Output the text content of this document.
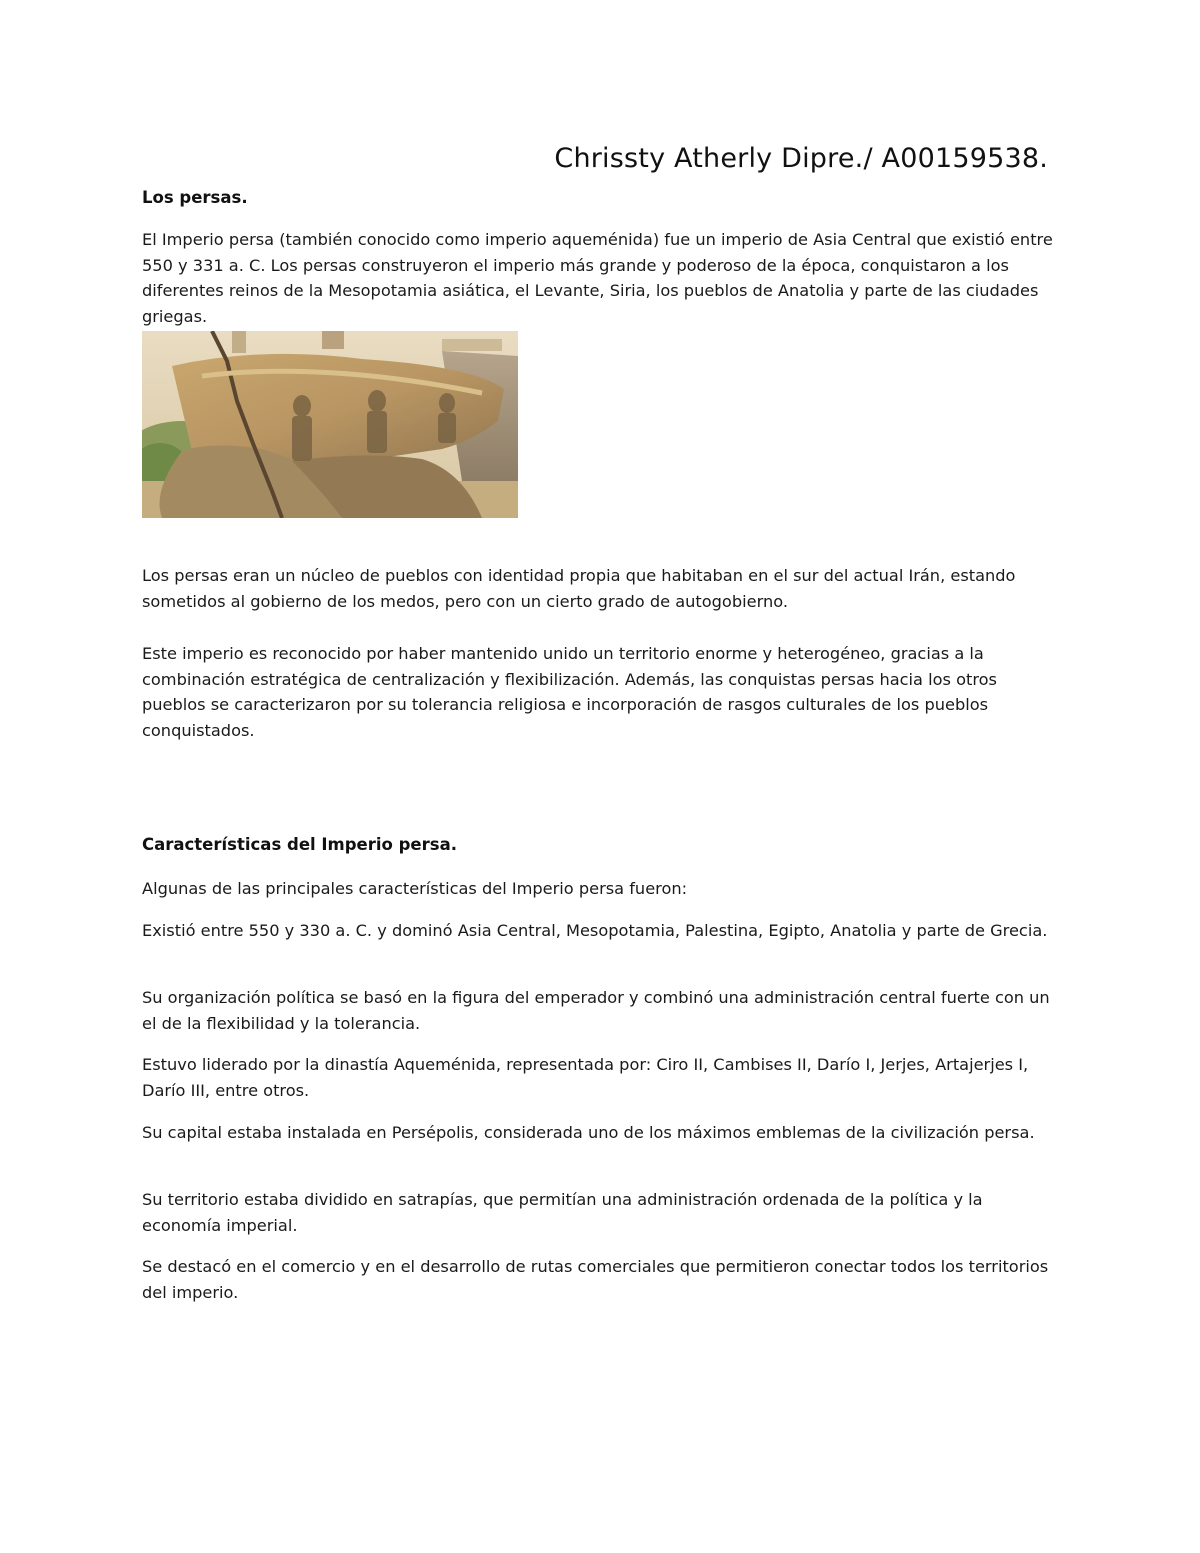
Chrissty Atherly Dipre./ A00159538.
Los persas.

El Imperio persa (también conocido como imperio aqueménida) fue un imperio de Asia Central que existió entre 550 y 331 a. C. Los persas construyeron el imperio más grande y poderoso de la época, conquistaron a los diferentes reinos de la Mesopotamia asiática, el Levante, Siria, los pueblos de Anatolia y parte de las ciudades griegas.

Los persas eran un núcleo de pueblos con identidad propia que habitaban en el sur del actual Irán, estando sometidos al gobierno de los medos, pero con un cierto grado de autogobierno.

Este imperio es reconocido por haber mantenido unido un territorio enorme y heterogéneo, gracias a la combinación estratégica de centralización y flexibilización. Además, las conquistas persas hacia los otros pueblos se caracterizaron por su tolerancia religiosa e incorporación de rasgos culturales de los pueblos conquistados.

Características del Imperio persa.

Algunas de las principales características del Imperio persa fueron:

Existió entre 550 y 330 a. C. y dominó Asia Central, Mesopotamia, Palestina, Egipto, Anatolia y parte de Grecia.

Su organización política se basó en la figura del emperador y combinó una administración central fuerte con un el de la flexibilidad y la tolerancia.

Estuvo liderado por la dinastía Aqueménida, representada por: Ciro II, Cambises II, Darío I, Jerjes, Artajerjes I, Darío III, entre otros.

Su capital estaba instalada en Persépolis, considerada uno de los máximos emblemas de la civilización persa.

Su territorio estaba dividido en satrapías, que permitían una administración ordenada de la política y la economía imperial.

Se destacó en el comercio y en el desarrollo de rutas comerciales que permitieron conectar todos los territorios del imperio.
